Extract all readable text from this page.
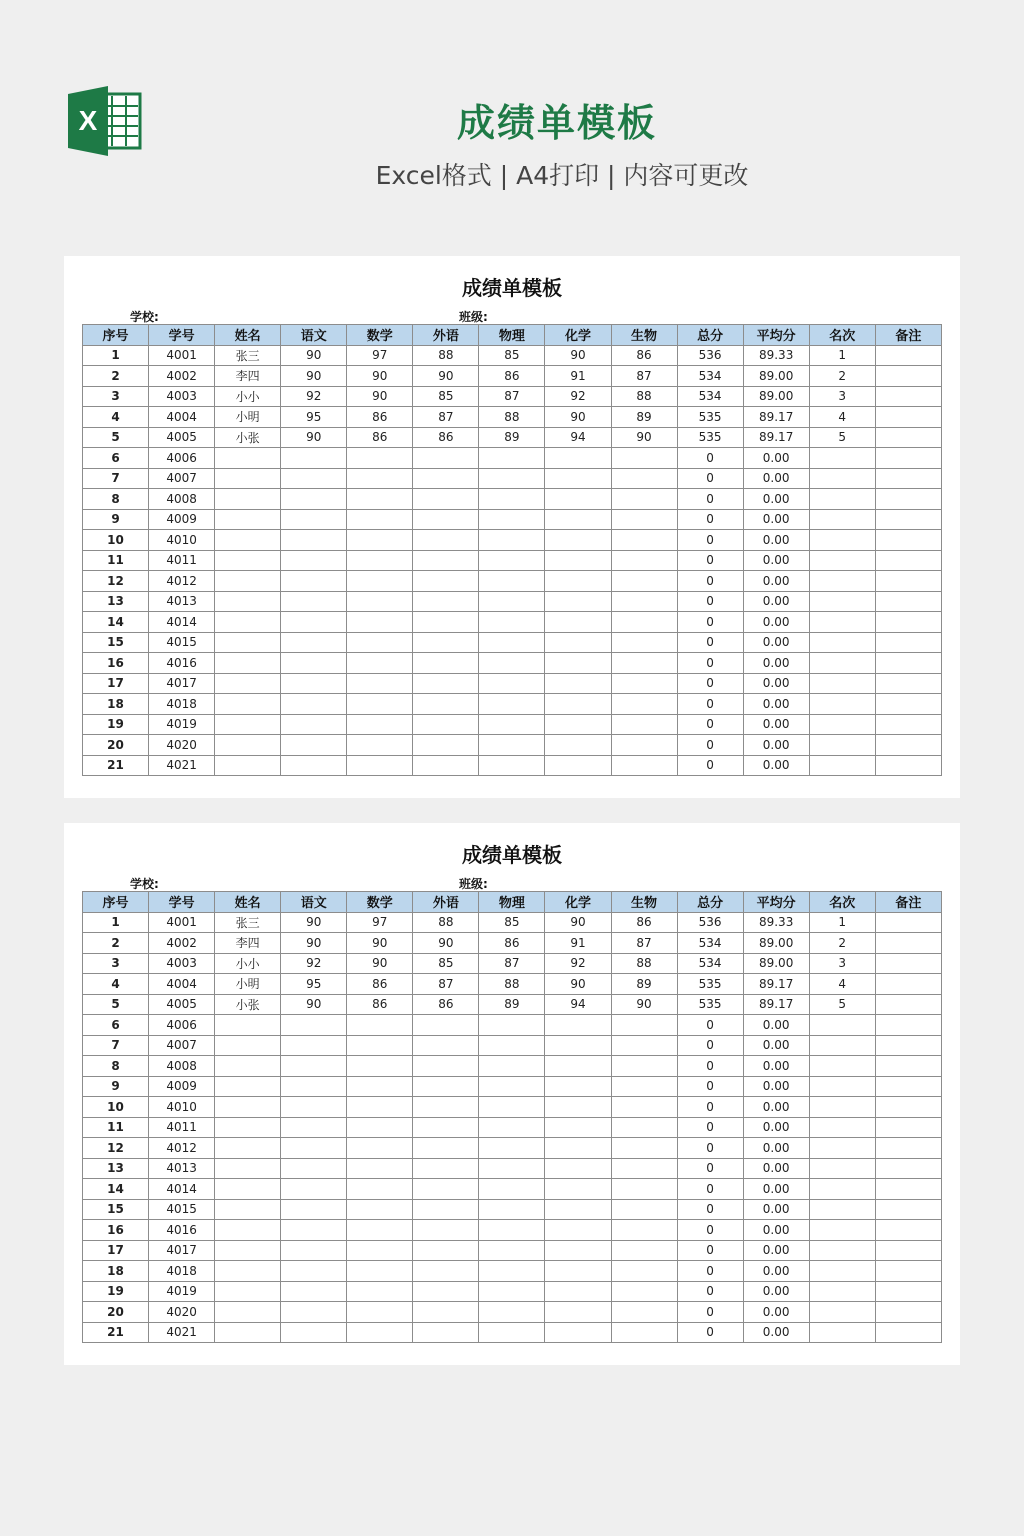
X	成绩单模板
Excel格式 | A4打印 | 内容可更改
成绩单模板
学校:	班级:
序号	学号	姓名	语文	数学	外语	物理	化学	生物	总分	平均分	名次	备注
1	4001	张三	90	97	88	85	90	86	536	89.33	1	
2	4002	李四	90	90	90	86	91	87	534	89.00	2	
3	4003	小小	92	90	85	87	92	88	534	89.00	3	
4	4004	小明	95	86	87	88	90	89	535	89.17	4	
5	4005	小张	90	86	86	89	94	90	535	89.17	5	
6	4006								0	0.00		
7	4007								0	0.00		
8	4008								0	0.00		
9	4009								0	0.00		
10	4010								0	0.00		
11	4011								0	0.00		
12	4012								0	0.00		
13	4013								0	0.00		
14	4014								0	0.00		
15	4015								0	0.00		
16	4016								0	0.00		
17	4017								0	0.00		
18	4018								0	0.00		
19	4019								0	0.00		
20	4020								0	0.00		
21	4021								0	0.00		
成绩单模板
学校:	班级:
序号	学号	姓名	语文	数学	外语	物理	化学	生物	总分	平均分	名次	备注
1	4001	张三	90	97	88	85	90	86	536	89.33	1	
2	4002	李四	90	90	90	86	91	87	534	89.00	2	
3	4003	小小	92	90	85	87	92	88	534	89.00	3	
4	4004	小明	95	86	87	88	90	89	535	89.17	4	
5	4005	小张	90	86	86	89	94	90	535	89.17	5	
6	4006								0	0.00		
7	4007								0	0.00		
8	4008								0	0.00		
9	4009								0	0.00		
10	4010								0	0.00		
11	4011								0	0.00		
12	4012								0	0.00		
13	4013								0	0.00		
14	4014								0	0.00		
15	4015								0	0.00		
16	4016								0	0.00		
17	4017								0	0.00		
18	4018								0	0.00		
19	4019								0	0.00		
20	4020								0	0.00		
21	4021								0	0.00		
